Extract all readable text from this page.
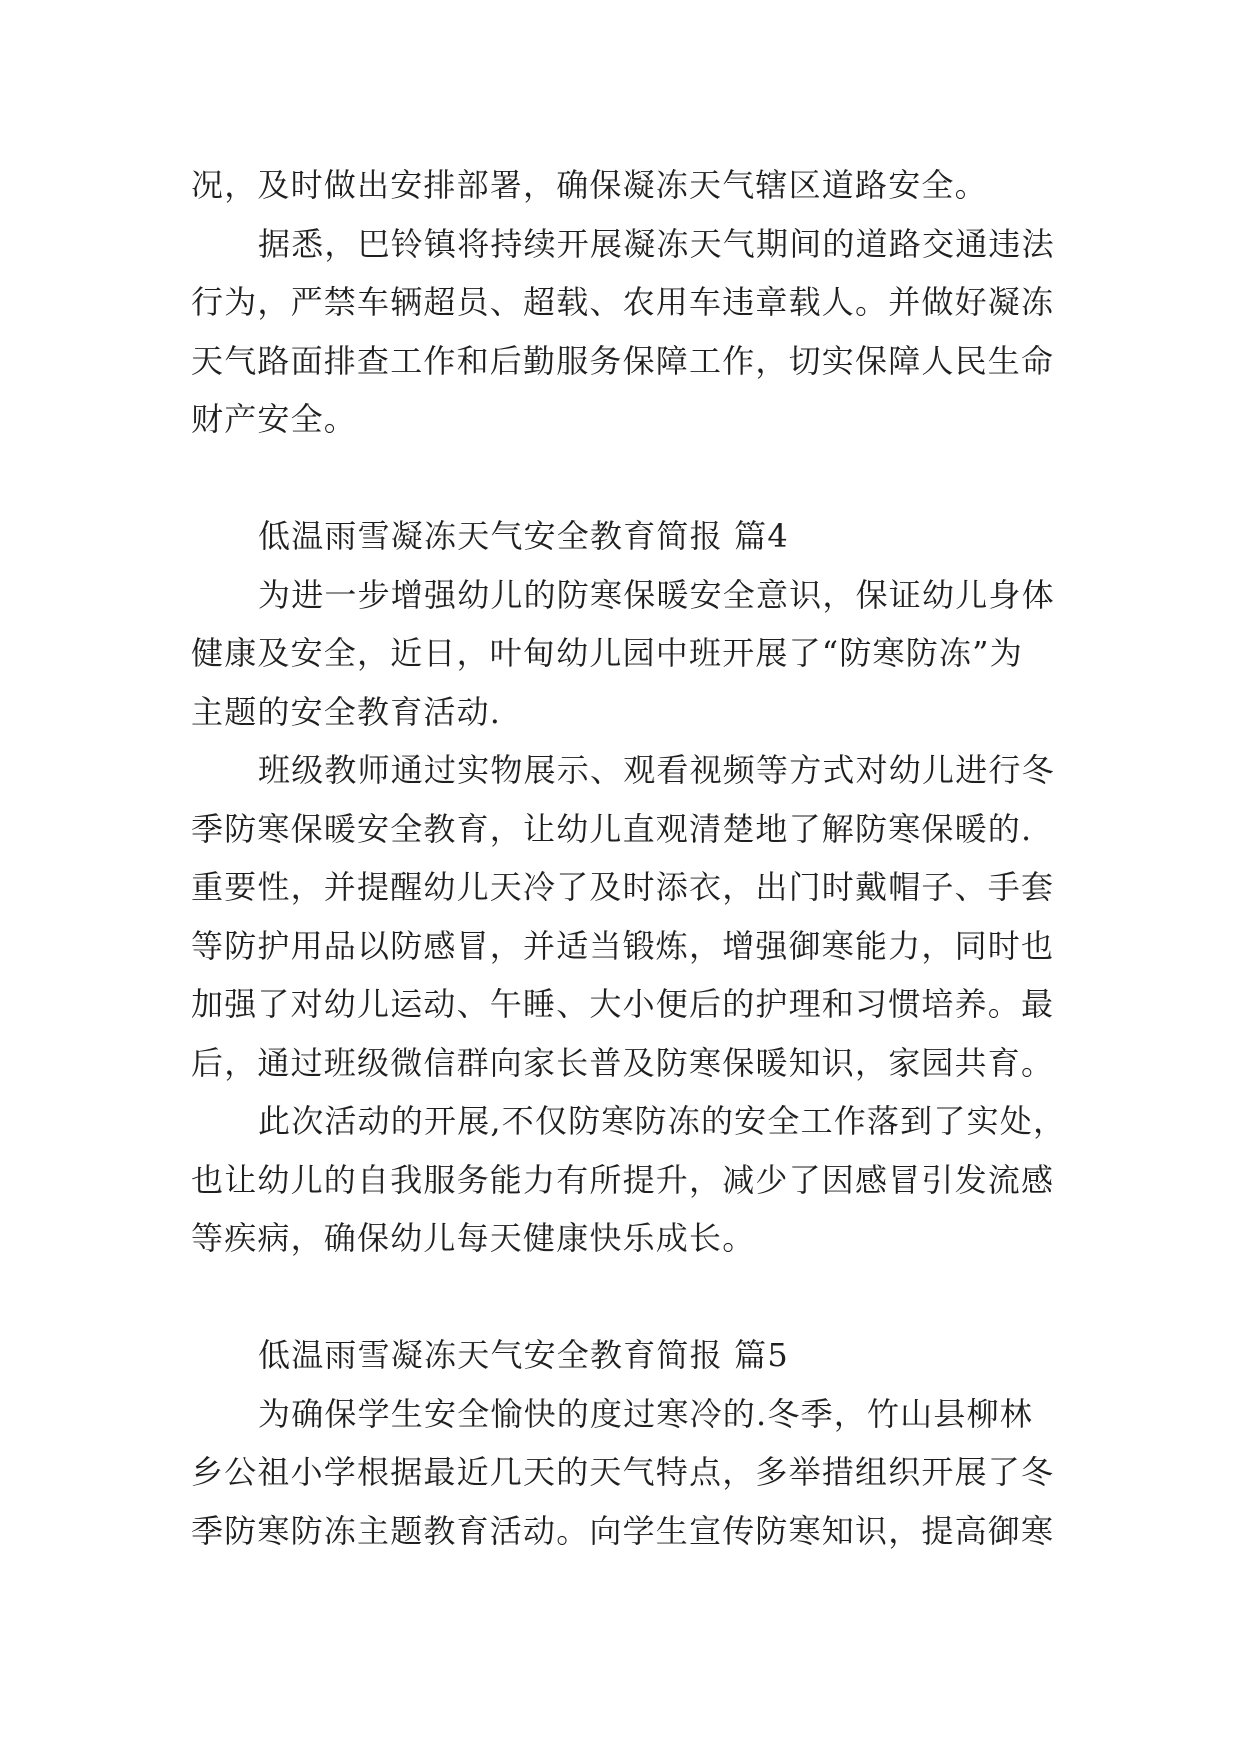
况，及时做出安排部署，确保凝冻天气辖区道路安全。
据悉，巴铃镇将持续开展凝冻天气期间的道路交通违法
行为，严禁车辆超员、超载、农用车违章载人。并做好凝冻
天气路面排查工作和后勤服务保障工作，切实保障人民生命
财产安全。
低温雨雪凝冻天气安全教育简报 篇4
为进一步增强幼儿的防寒保暖安全意识，保证幼儿身体
健康及安全，近日，叶甸幼儿园中班开展了“防寒防冻”为
主题的安全教育活动.
班级教师通过实物展示、观看视频等方式对幼儿进行冬
季防寒保暖安全教育，让幼儿直观清楚地了解防寒保暖的.
重要性，并提醒幼儿天冷了及时添衣，出门时戴帽子、手套
等防护用品以防感冒，并适当锻炼，增强御寒能力，同时也
加强了对幼儿运动、午睡、大小便后的护理和习惯培养。最
后，通过班级微信群向家长普及防寒保暖知识，家园共育。
此次活动的开展,不仅防寒防冻的安全工作落到了实处，
也让幼儿的自我服务能力有所提升，减少了因感冒引发流感
等疾病，确保幼儿每天健康快乐成长。
低温雨雪凝冻天气安全教育简报 篇5
为确保学生安全愉快的度过寒冷的.冬季，竹山县柳林
乡公祖小学根据最近几天的天气特点，多举措组织开展了冬
季防寒防冻主题教育活动。向学生宣传防寒知识，提高御寒
